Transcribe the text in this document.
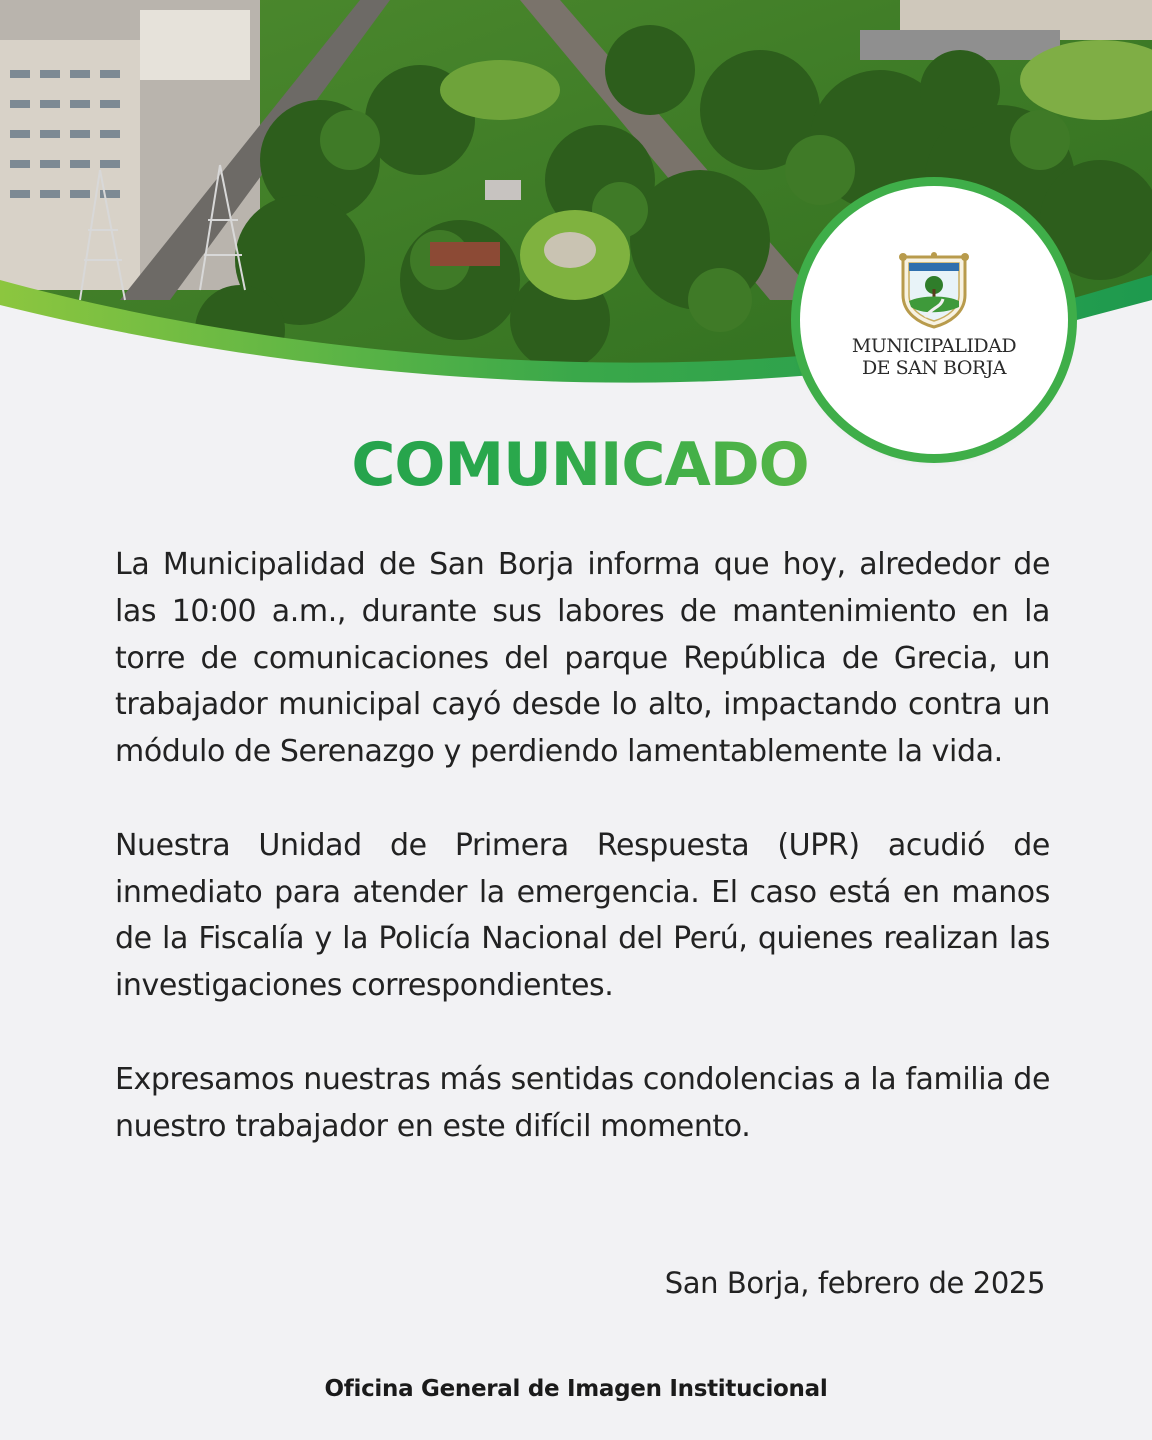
MUNICIPALIDAD
DE SAN BORJA
COMUNICADO

La Municipalidad de San Borja informa que hoy, alrededor de las 10:00 a.m., durante sus labores de mantenimiento en la torre de comunicaciones del parque República de Grecia, un trabajador municipal cayó desde lo alto, impactando contra un módulo de Serenazgo y perdiendo lamentablemente la vida.

Nuestra Unidad de Primera Respuesta (UPR) acudió de inmediato para atender la emergencia. El caso está en manos de la Fiscalía y la Policía Nacional del Perú, quienes realizan las investigaciones correspondientes.

Expresamos nuestras más sentidas condolencias a la familia de nuestro trabajador en este difícil momento.

San Borja, febrero de 2025
Oficina General de Imagen Institucional
